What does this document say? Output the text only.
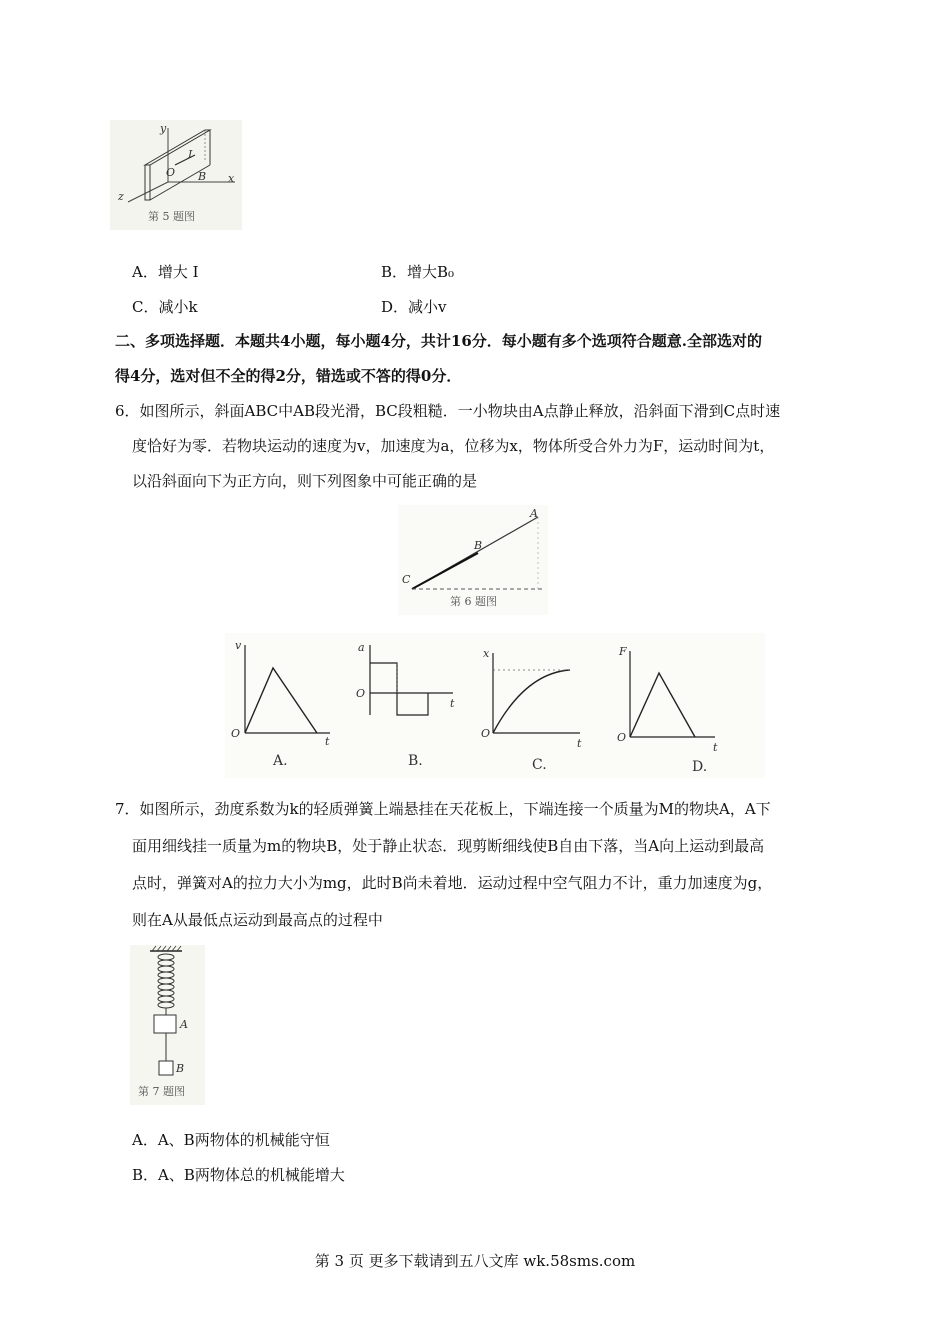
y
z
O
I
B x
第 5 题图
A．增大 I	B．增大B₀
C．减小k	D．减小v
二、多项选择题．本题共4小题，每小题4分，共计16分．每小题有多个选项符合题意.全部选对的
得4分，选对但不全的得2分，错选或不答的得0分．
6．如图所示，斜面ABC中AB段光滑，BC段粗糙．一小物块由A点静止释放，沿斜面下滑到C点时速
度恰好为零．若物块运动的速度为v，加速度为a，位移为x，物体所受合外力为F，运动时间为t，
以沿斜面向下为正方向，则下列图象中可能正确的是
A
B
C
第 6 题图
v
O
t
A.
a
O
t
B.
x
O
t
C.
F
O
t
D.
7．如图所示，劲度系数为k的轻质弹簧上端悬挂在天花板上，下端连接一个质量为M的物块A，A下
面用细线挂一质量为m的物块B，处于静止状态．现剪断细线使B自由下落，当A向上运动到最高
点时，弹簧对A的拉力大小为mg，此时B尚未着地．运动过程中空气阻力不计，重力加速度为g，
则在A从最低点运动到最高点的过程中
A
B
第 7 题图
A．A、B两物体的机械能守恒
B．A、B两物体总的机械能增大
第 3 页 更多下载请到五八文库 wk.58sms.com
